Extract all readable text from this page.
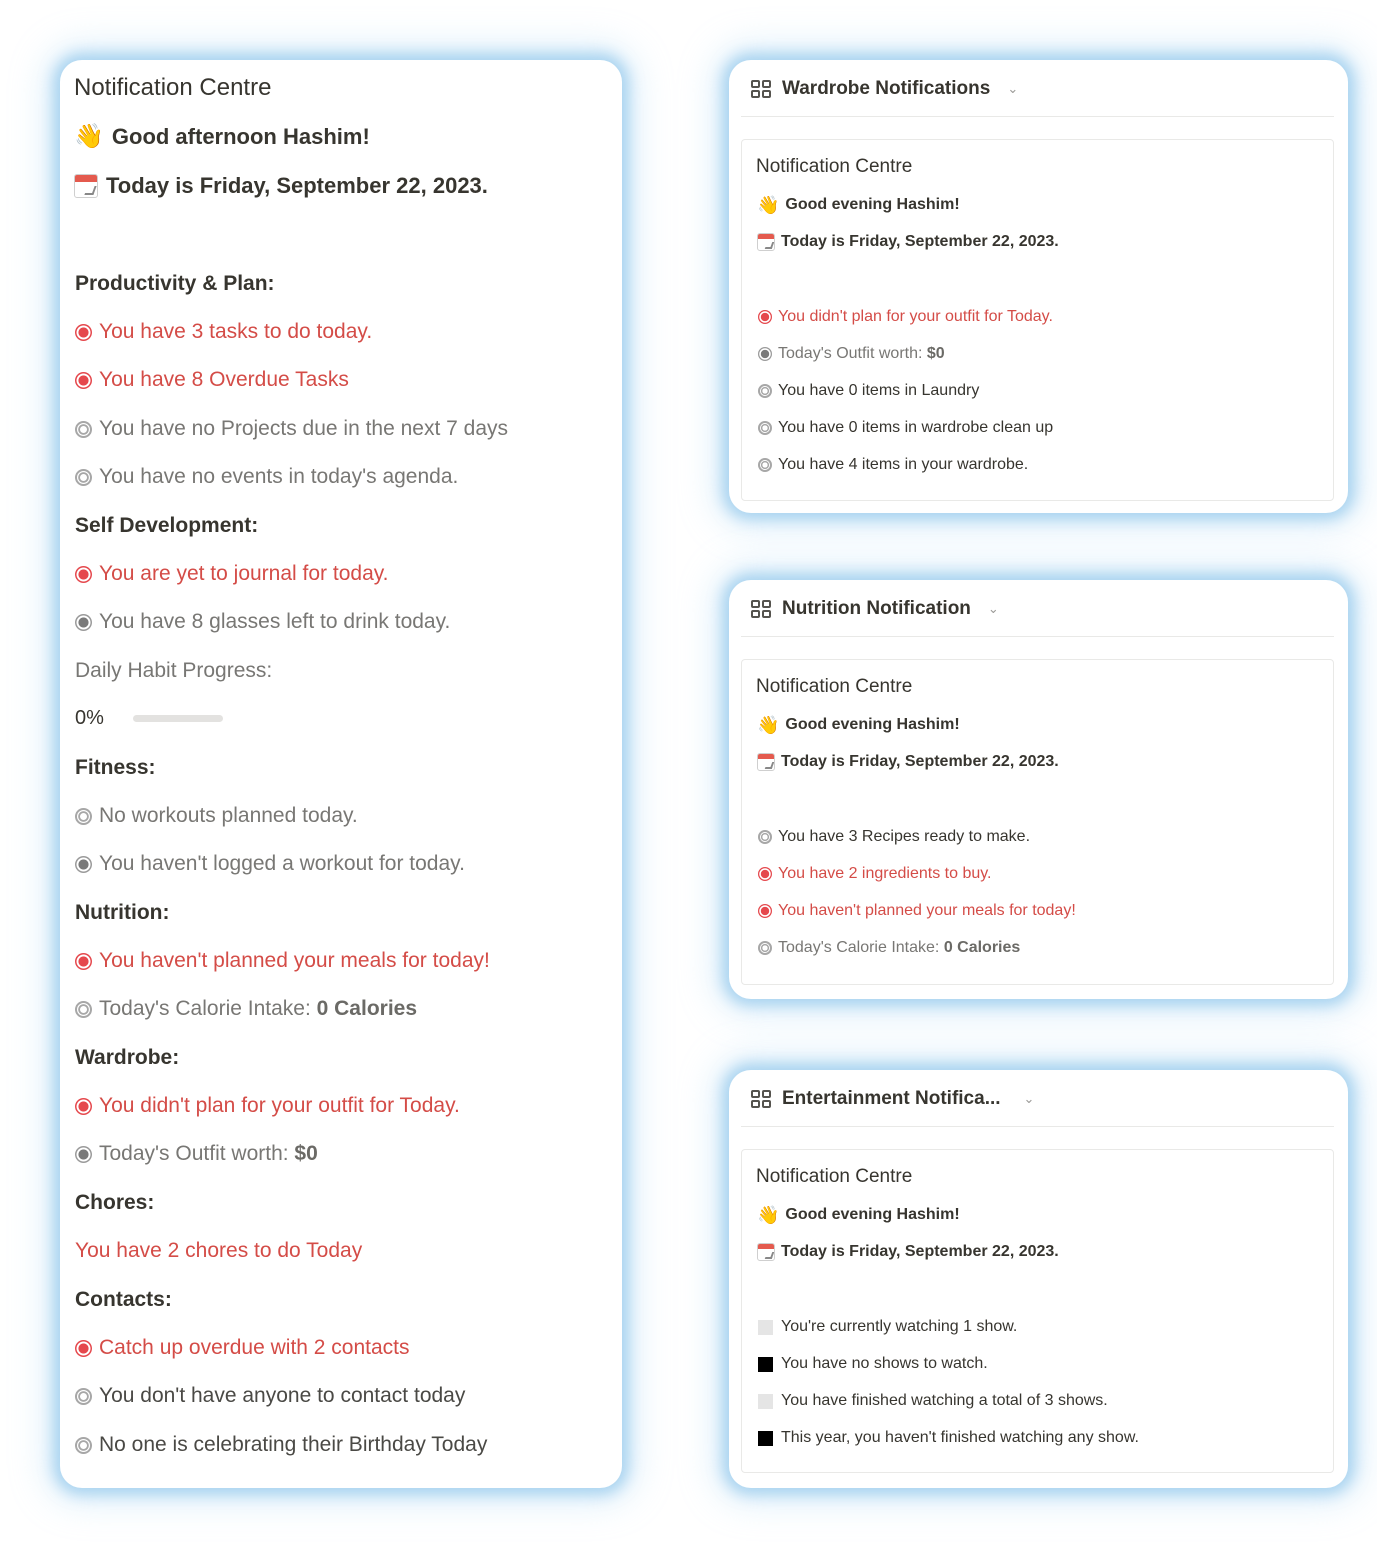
Notification Centre
👋 Good afternoon Hashim!
Today is Friday, September 22, 2023.
Productivity & Plan:
You have 3 tasks to do today.
You have 8 Overdue Tasks
You have no Projects due in the next 7 days
You have no events in today's agenda.
Self Development:
You are yet to journal for today.
You have 8 glasses left to drink today.
Daily Habit Progress:
0%
Fitness:
No workouts planned today.
You haven't logged a workout for today.
Nutrition:
You haven't planned your meals for today!
Today's Calorie Intake: 0 Calories
Wardrobe:
You didn't plan for your outfit for Today.
Today's Outfit worth: $0
Chores:
You have 2 chores to do Today
Contacts:
Catch up overdue with 2 contacts
You don't have anyone to contact today
No one is celebrating their Birthday Today
Wardrobe Notifications ⌄
Notification Centre
👋 Good evening Hashim!
Today is Friday, September 22, 2023.
You didn't plan for your outfit for Today.
Today's Outfit worth: $0
You have 0 items in Laundry
You have 0 items in wardrobe clean up
You have 4 items in your wardrobe.
Nutrition Notification ⌄
Notification Centre
👋 Good evening Hashim!
Today is Friday, September 22, 2023.
You have 3 Recipes ready to make.
You have 2 ingredients to buy.
You haven't planned your meals for today!
Today's Calorie Intake: 0 Calories
Entertainment Notifica... ⌄
Notification Centre
👋 Good evening Hashim!
Today is Friday, September 22, 2023.
You're currently watching 1 show.
You have no shows to watch.
You have finished watching a total of 3 shows.
This year, you haven't finished watching any show.
